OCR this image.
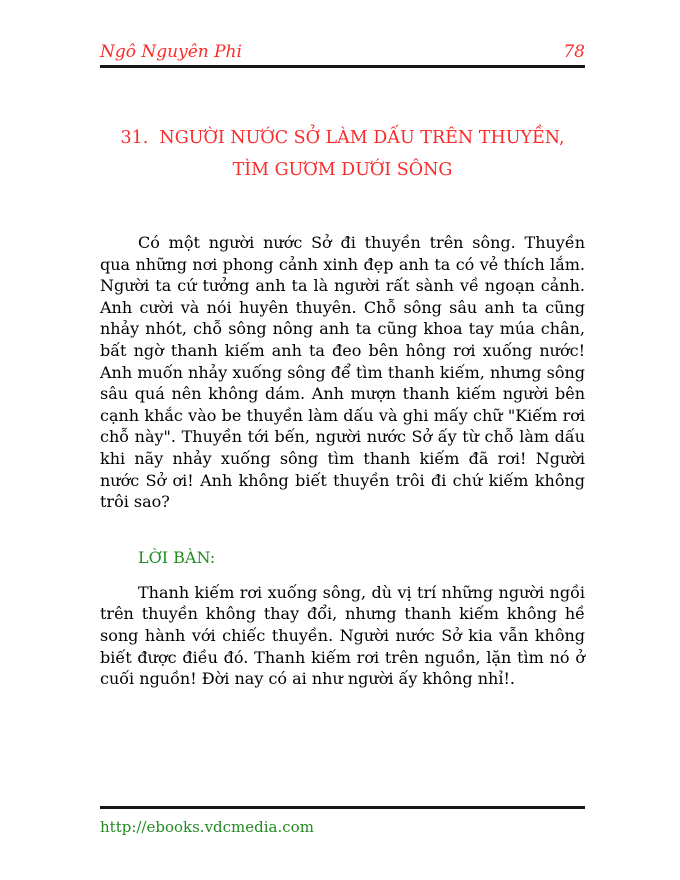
Ngô Nguyên Phi	78
31.  NGƯỜI NƯỚC SỞ LÀM DẤU TRÊN THUYỀN,
TÌM GƯƠM DƯỚI SÔNG

Có một người nước Sở đi thuyền trên sông. Thuyền qua những nơi phong cảnh xinh đẹp anh ta có vẻ thích lắm. Người ta cứ tưởng anh ta là người rất sành về ngoạn cảnh. Anh cười và nói huyên thuyên. Chỗ sông sâu anh ta cũng nhảy nhót, chỗ sông nông anh ta cũng khoa tay múa chân, bất ngờ thanh kiếm anh ta đeo bên hông rơi xuống nước! Anh muốn nhảy xuống sông để tìm thanh kiếm, nhưng sông sâu quá nên không dám. Anh mượn thanh kiếm người bên cạnh khắc vào be thuyền làm dấu và ghi mấy chữ "Kiếm rơi chỗ này". Thuyền tới bến, người nước Sở ấy từ chỗ làm dấu khi nãy nhảy xuống sông tìm thanh kiếm đã rơi! Người nước Sở ơi! Anh không biết thuyền trôi đi chứ kiếm không trôi sao?

LỜI BÀN:

Thanh kiếm rơi xuống sông, dù vị trí những người ngồi trên thuyền không thay đổi, nhưng thanh kiếm không hề song hành với chiếc thuyền. Người nước Sở kia vẫn không biết được điều đó. Thanh kiếm rơi trên nguồn, lặn tìm nó ở cuối nguồn! Đời nay có ai như người ấy không nhỉ!.

http://ebooks.vdcmedia.com
